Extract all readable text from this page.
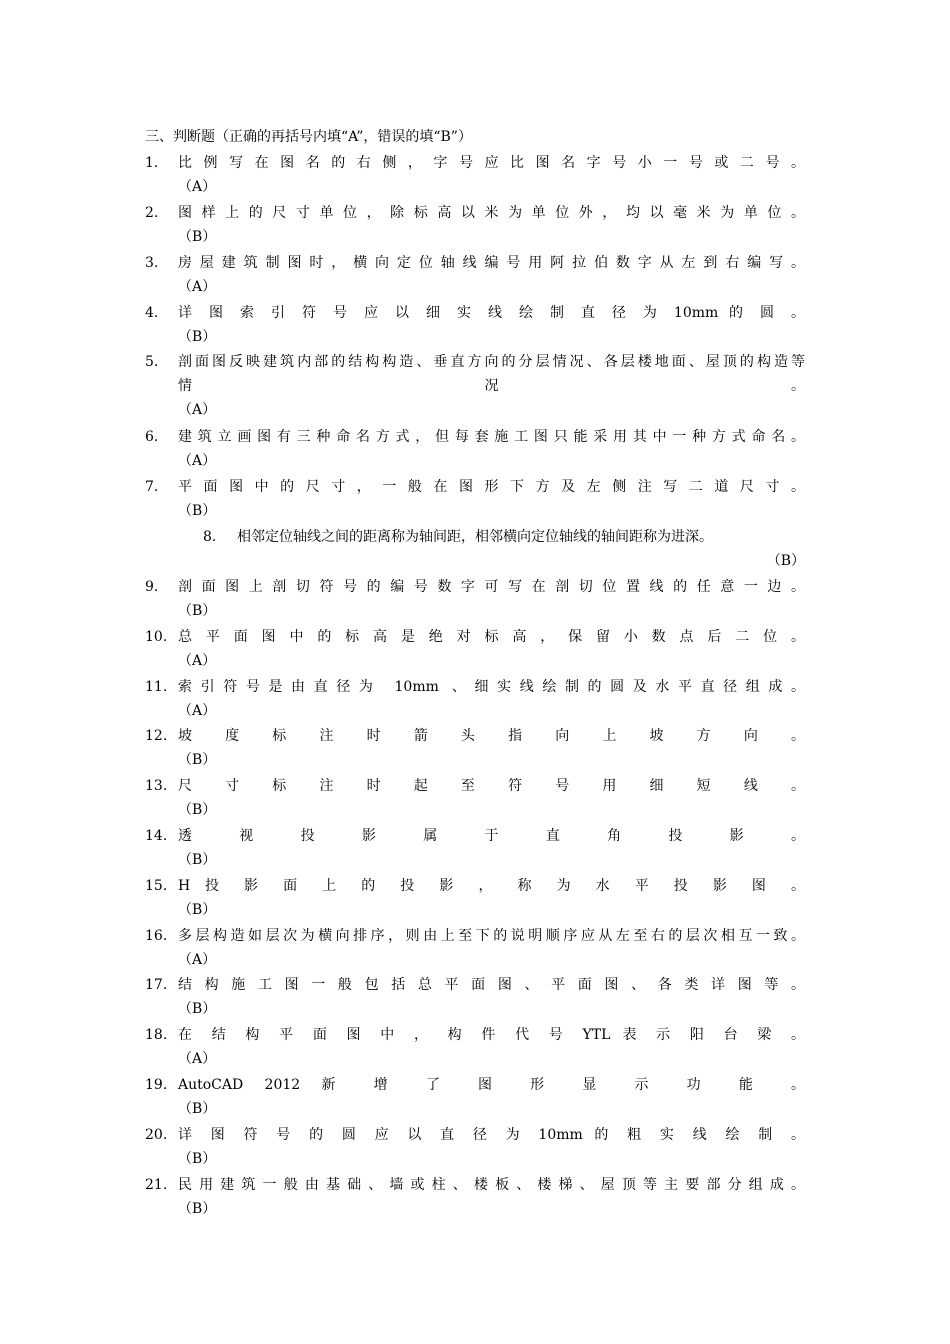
三、判断题（正确的再括号内填“A”，错误的填“B”）
1. 比 例 写 在 图 名 的 右 侧 ， 字 号 应 比 图 名 字 号 小 一 号 或 二 号 。
（A）
2. 图 样 上 的 尺 寸 单 位 ， 除 标 高 以 米 为 单 位 外 ， 均 以 毫 米 为 单 位 。
（B）
3. 房屋建筑制图时，横向定位轴线编号用阿拉伯数字从左到右编写。
（A）
4. 详 图 索 引 符 号 应 以 细 实 线 绘 制 直 径 为 10mm 的 圆 。
（B）
5. 剖面图反映建筑内部的结构构造、垂直方向的分层情况、各层楼地面、屋顶的构造等
情	况	。
（A）
6. 建筑立画图有三种命名方式，但每套施工图只能采用其中一种方式命名。
（A）
7. 平 面 图 中 的 尺 寸 ， 一 般 在 图 形 下 方 及 左 侧 注 写 二 道 尺 寸 。
（B）
8. 相邻定位轴线之间的距离称为轴间距，相邻横向定位轴线的轴间距称为进深。
（B）
9. 剖面图上剖切符号的编号数字可写在剖切位置线的任意一边。
（B）
10. 总 平 面 图 中 的 标 高 是 绝 对 标 高 ， 保 留 小 数 点 后 二 位 。
（A）
11. 索引符号是由直径为 10mm 、细实线绘制的圆及水平直径组成。
（A）
12. 坡 度 标 注 时 箭 头 指 向 上 坡 方 向 。
（B）
13. 尺 寸 标 注 时 起 至 符 号 用 细 短 线 。
（B）
14. 透 视 投 影 属 于 直 角 投 影 。
（B）
15. H 投 影 面 上 的 投 影 ， 称 为 水 平 投 影 图 。
（B）
16. 多层构造如层次为横向排序，则由上至下的说明顺序应从左至右的层次相互一致。
（A）
17. 结 构 施 工 图 一 般 包 括 总 平 面 图 、 平 面 图 、 各 类 详 图 等 。
（B）
18. 在 结 构 平 面 图 中 ， 构 件 代 号 YTL 表 示 阳 台 梁 。
（A）
19. AutoCAD 2012 新 增 了 图 形 显 示 功 能 。
（B）
20. 详 图 符 号 的 圆 应 以 直 径 为 10mm 的 粗 实 线 绘 制 。
（B）
21. 民用建筑一般由基础、墙或柱、楼板、楼梯、屋顶等主要部分组成。
（B）
